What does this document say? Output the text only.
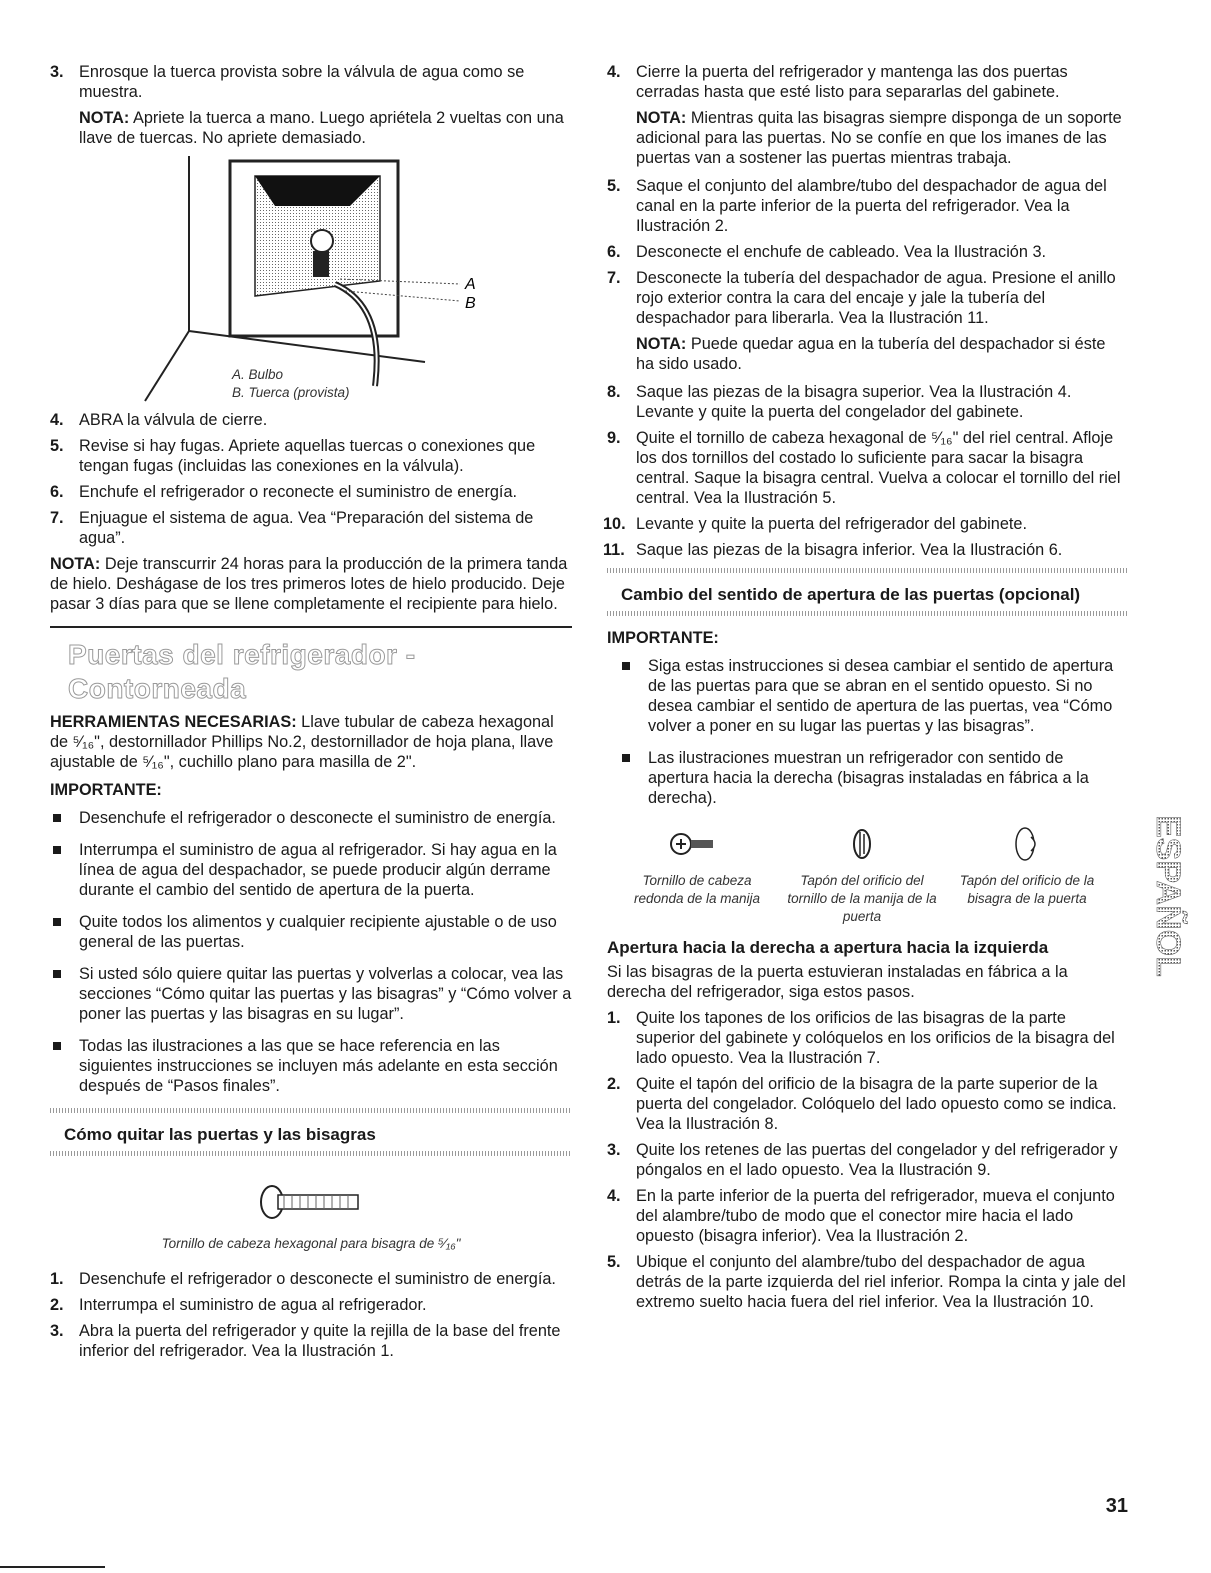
3. Enrosque la tuerca provista sobre la válvula de agua como se muestra.

NOTA: Apriete la tuerca a mano. Luego apriétela 2 vueltas con una llave de tuercas. No apriete demasiado.

A
B
A. Bulbo
B. Tuerca (provista)
4. ABRA la válvula de cierre.

5. Revise si hay fugas. Apriete aquellas tuercas o conexiones que tengan fugas (incluidas las conexiones en la válvula).

6. Enchufe el refrigerador o reconecte el suministro de energía.

7. Enjuague el sistema de agua. Vea “Preparación del sistema de agua”.

NOTA: Deje transcurrir 24 horas para la producción de la primera tanda de hielo. Deshágase de los tres primeros lotes de hielo producido. Deje pasar 3 días para que se llene completamente el recipiente para hielo.

Puertas del refrigerador - Contorneada

HERRAMIENTAS NECESARIAS: Llave tubular de cabeza hexagonal de ⁵⁄₁₆", destornillador Phillips No.2, destornillador de hoja plana, llave ajustable de ⁵⁄₁₆", cuchillo plano para masilla de 2".

IMPORTANTE:

Desenchufe el refrigerador o desconecte el suministro de energía.

Interrumpa el suministro de agua al refrigerador. Si hay agua en la línea de agua del despachador, se puede producir algún derrame durante el cambio del sentido de apertura de la puerta.

Quite todos los alimentos y cualquier recipiente ajustable o de uso general de las puertas.

Si usted sólo quiere quitar las puertas y volverlas a colocar, vea las secciones “Cómo quitar las puertas y las bisagras” y “Cómo volver a poner las puertas y las bisagras en su lugar”.

Todas las ilustraciones a las que se hace referencia en las siguientes instrucciones se incluyen más adelante en esta sección después de “Pasos finales”.

Cómo quitar las puertas y las bisagras
Tornillo de cabeza hexagonal para bisagra de ⁵⁄₁₆"
1. Desenchufe el refrigerador o desconecte el suministro de energía.

2. Interrumpa el suministro de agua al refrigerador.

3. Abra la puerta del refrigerador y quite la rejilla de la base del frente inferior del refrigerador. Vea la Ilustración 1.

4. Cierre la puerta del refrigerador y mantenga las dos puertas cerradas hasta que esté listo para separarlas del gabinete.

NOTA: Mientras quita las bisagras siempre disponga de un soporte adicional para las puertas. No se confíe en que los imanes de las puertas van a sostener las puertas mientras trabaja.

5. Saque el conjunto del alambre/tubo del despachador de agua del canal en la parte inferior de la puerta del refrigerador. Vea la Ilustración 2.

6. Desconecte el enchufe de cableado. Vea la Ilustración 3.

7. Desconecte la tubería del despachador de agua. Presione el anillo rojo exterior contra la cara del encaje y jale la tubería del despachador para liberarla. Vea la Ilustración 11.

NOTA: Puede quedar agua en la tubería del despachador si éste ha sido usado.

8. Saque las piezas de la bisagra superior. Vea la Ilustración 4. Levante y quite la puerta del congelador del gabinete.

9. Quite el tornillo de cabeza hexagonal de ⁵⁄₁₆" del riel central. Afloje los dos tornillos del costado lo suficiente para sacar la bisagra central. Saque la bisagra central. Vuelva a colocar el tornillo del riel central. Vea la Ilustración 5.

10. Levante y quite la puerta del refrigerador del gabinete.

11. Saque las piezas de la bisagra inferior. Vea la Ilustración 6.

Cambio del sentido de apertura de las puertas (opcional)

IMPORTANTE:

Siga estas instrucciones si desea cambiar el sentido de apertura de las puertas para que se abran en el sentido opuesto. Si no desea cambiar el sentido de apertura de las puertas, vea “Cómo volver a poner en su lugar las puertas y las bisagras”.

Las ilustraciones muestran un refrigerador con sentido de apertura hacia la derecha (bisagras instaladas en fábrica a la derecha).

Tornillo de cabeza redonda de la manija
Tapón del orificio del tornillo de la manija de la puerta
Tapón del orificio de la bisagra de la puerta

Apertura hacia la derecha a apertura hacia la izquierda

Si las bisagras de la puerta estuvieran instaladas en fábrica a la derecha del refrigerador, siga estos pasos.

1. Quite los tapones de los orificios de las bisagras de la parte superior del gabinete y colóquelos en los orificios de la bisagra del lado opuesto. Vea la Ilustración 7.

2. Quite el tapón del orificio de la bisagra de la parte superior de la puerta del congelador. Colóquelo del lado opuesto como se indica. Vea la Ilustración 8.

3. Quite los retenes de las puertas del congelador y del refrigerador y póngalos en el lado opuesto. Vea la Ilustración 9.

4. En la parte inferior de la puerta del refrigerador, mueva el conjunto del alambre/tubo de modo que el conector mire hacia el lado opuesto (bisagra inferior). Vea la Ilustración 2.

5. Ubique el conjunto del alambre/tubo del despachador de agua detrás de la parte izquierda del riel inferior. Rompa la cinta y jale del extremo suelto hacia fuera del riel inferior. Vea la Ilustración 10.

ESPAÑOL
31
